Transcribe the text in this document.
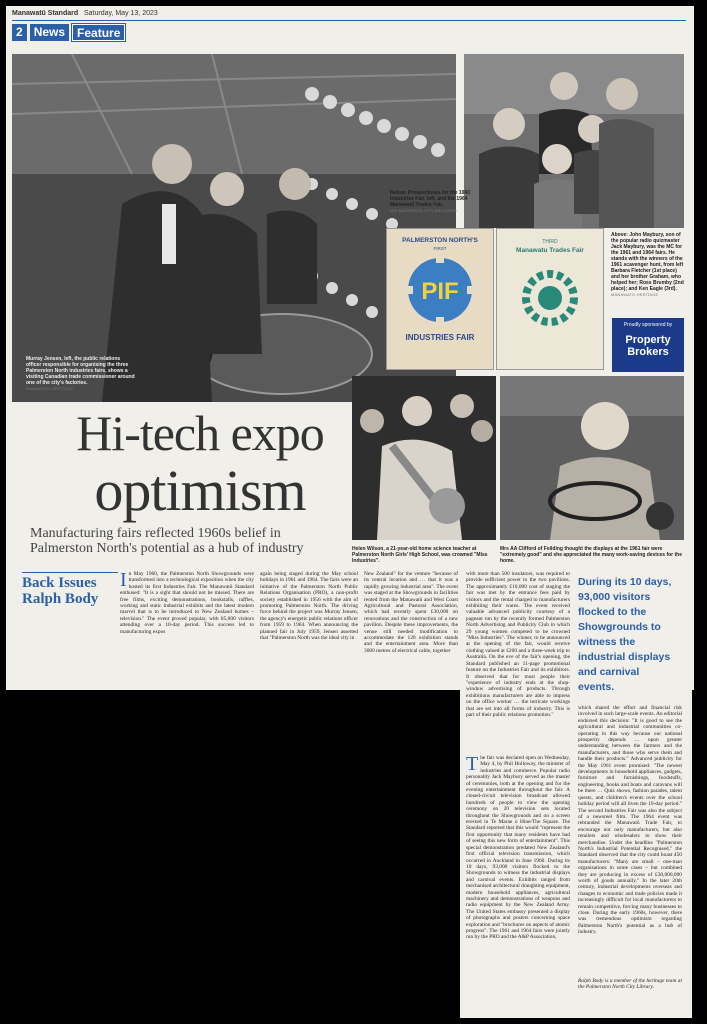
Manawatū Standard Saturday, May 13, 2023
2 News	Feature
Murray Jensen, left, the public relations officer responsible for organising the three Palmerston North industries fairs, shows a visiting Canadian trade commissioner around one of the city's factories.
MANAWATŪ HERITAGE
PALMERSTON NORTH'S
FIRST
PIF
INDUSTRIES FAIR
THIRD
Manawatu Trades Fair
Below: Prospectuses for the 1960 Industries Fair, left, and the 1964 Manawatū Trades Fair.
IAN MATHESON CITY ARCHIVES
Above: John Maybury, son of the popular radio quizmaster Jack Maybury, was the MC for the 1961 and 1964 fairs. He stands with the winners of the 1961 scavenger hunt, from left Barbara Fletcher (1st place) and her brother Graham, who helped her; Ross Brumby (2nd place); and Ken Eagle (3rd).
MANAWATŪ HERITAGE
Proudly sponsored by
Property Brokers
Helen Wilson, a 21-year-old home science teacher at Palmerston North Girls' High School, was crowned "Miss Industries".
Mrs AA Clifford of Feilding thought the displays at the 1961 fair were "extremely good" and she appreciated the many work-saving devices for the home.
Hi-tech expo
optimism
Manufacturing fairs reflected 1960s belief in Palmerston North's potential as a hub of industry
Back Issues
Ralph Body
In May 1960, the Palmerston North Showgrounds were transformed into a technological exposition when the city hosted its first Industries Fair. The Manawatū Standard enthused: "It is a sight that should not be missed. There are free films, exciting demonstrations, bookstalls, raffles, working and static industrial exhibits and the latest modern marvel that is to be introduced to New Zealand homes – television." The event proved popular, with 85,000 visitors attending over a 10-day period. This success led to manufacturing expos
again being staged during the May school holidays in 1961 and 1964. The fairs were an initiative of the Palmerston North Public Relations Organisation (PRO), a non-profit society established in 1956 with the aim of promoting Palmerston North. The driving force behind the project was Murray Jensen, the agency's energetic public relations officer from 1959 to 1964. When announcing the planned fair in July 1959, Jensen asserted that "Palmerston North was the ideal city in
New Zealand" for the venture "because of its central location and … that it was a rapidly growing industrial area". The event was staged at the Showgrounds in facilities rented from the Manawatū and West Coast Agricultural and Pastoral Association, which had recently spent £30,000 on renovations and the construction of a new pavilion. Despite these improvements, the venue still needed modification to accommodate the 120 exhibition stands and the entertainment area. More than 3000 metres of electrical cable, together
with more than 500 insulators, was required to provide sufficient power to the two pavilions. The approximately £10,000 cost of staging the fair was met by the entrance fees paid by visitors and the rental charged to manufacturers exhibiting their wares. The event received valuable advanced publicity courtesy of a pageant run by the recently formed Palmerston North Advertising and Publicity Club in which 29 young women competed to be crowned "Miss Industries". The winner, to be announced at the opening of the fair, would receive clothing valued at £200 and a three-week trip to Australia. On the eve of the fair's opening, the Standard published an 11-page promotional feature on the Industries Fair and its exhibitors. It observed that for most people their "experience of industry ends at the shop-window advertising of products. Through exhibitions manufacturers are able to impress on the office worker … the intricate workings that are set into all forms of industry. This is part of their public relations promotion."
The fair was declared open on Wednesday, May 4, by Phil Holloway, the minister of industries and commerce. Popular radio personality Jack Maybury served as the master of ceremonies, both at the opening and for the evening entertainment throughout the fair. A closed-circuit television broadcast allowed hundreds of people to view the opening ceremony on 20 television sets located throughout the Showgrounds and on a screen erected in Te Marae o Hine/The Square. The Standard reported that this would "represent the first opportunity that many residents have had of seeing this new form of entertainment". This special demonstration predated New Zealand's first official television transmission, which occurred in Auckland in June 1960. During its 10 days, 93,000 visitors flocked to the Showgrounds to witness the industrial displays and carnival events. Exhibits ranged from mechanised architectural draughting equipment, modern household appliances, agricultural machinery and demonstrations of weapons and radio equipment by the New Zealand Army. The United States embassy presented a display of photographs and posters concerning space exploration and "brochures on aspects of atomic progress". The 1961 and 1964 fairs were jointly run by the PRO and the A&P Association,
During its 10 days, 93,000 visitors flocked to the Showgrounds to witness the industrial displays and carnival events.
which shared the effort and financial risk involved in such large-scale events. An editorial endorsed this decision: "It is good to see the agricultural and industrial communities co-operating in this way because our national prosperity depends … upon greater understanding between the farmers and the manufacturers, and those who serve them and handle their products." Advanced publicity for the May 1961 event promised: "The newest developments in household appliances, gadgets, furniture and furnishings, foodstuffs, engineering, books and boats and caravans will be there … Quiz shows, fashion parades, talent quests, and children's events over the school holiday period will all liven the 10-day period." The second Industries Fair was also the subject of a newsreel film. The 1964 event was rebranded the Manawatū Trade Fair, to encourage not only manufacturers, but also retailers and wholesalers to show their merchandise. Under the headline "Palmerston North's Industrial Potential Recognised," the Standard observed that the city could boast 450 manufacturers: "Many are small – one-man organisations in some cases – but combined they are producing in excess of £30,000,000 worth of goods annually." In the later 20th century, industrial developments overseas and changes to economic and trade policies made it increasingly difficult for local manufacturers to remain competitive, forcing many businesses to close. During the early 1960s, however, there was tremendous optimism regarding Palmerston North's potential as a hub of industry.
Ralph Body is a member of the heritage team at the Palmerston North City Library.
